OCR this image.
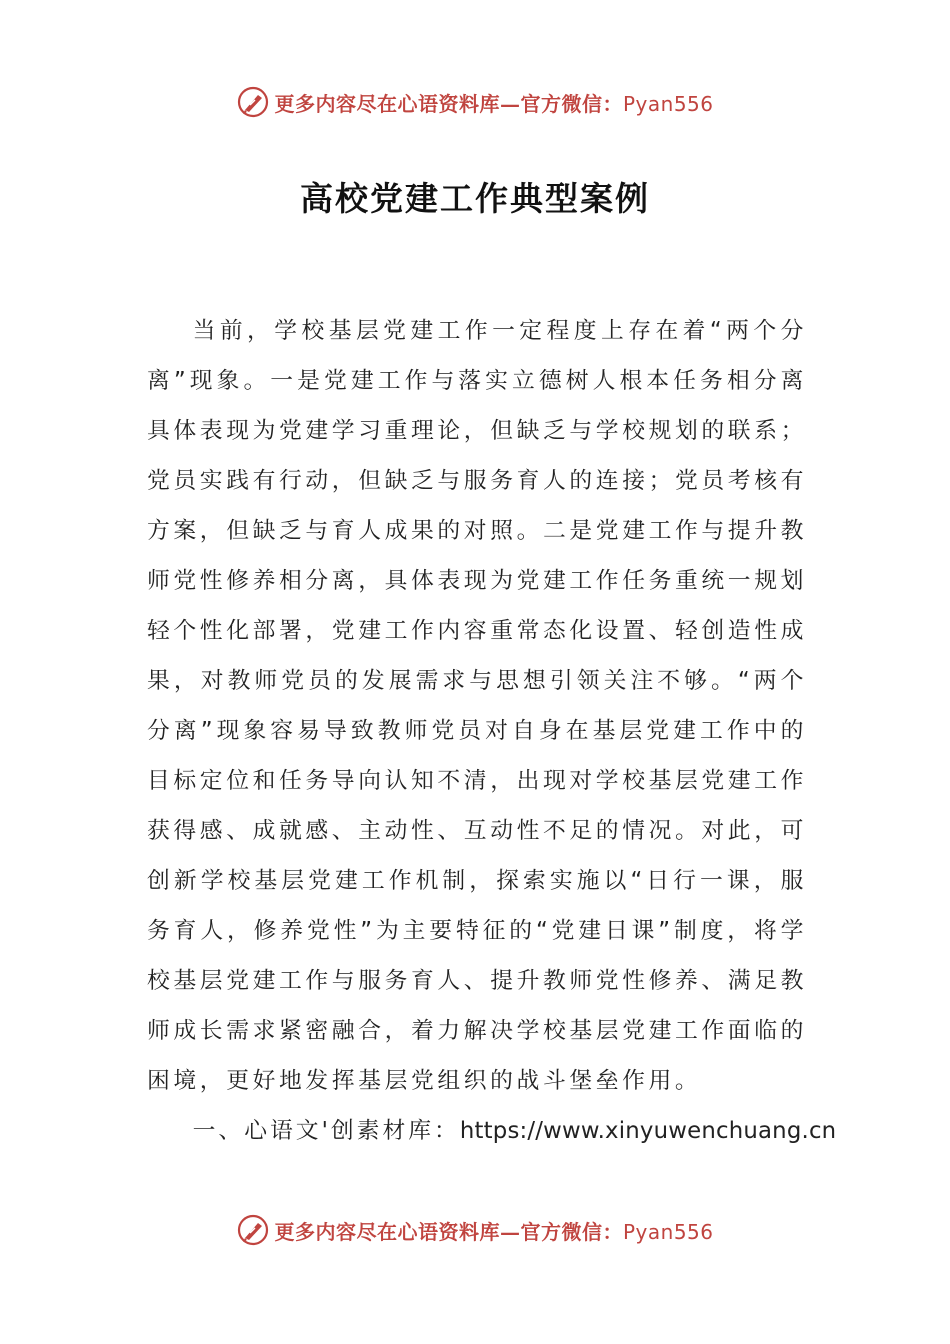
更多内容尽在心语资料库—官方微信：Pyan556
高校党建工作典型案例

当前，学校基层党建工作一定程度上存在着“两个分离”现象。一是党建工作与落实立德树人根本任务相分离具体表现为党建学习重理论，但缺乏与学校规划的联系；党员实践有行动，但缺乏与服务育人的连接；党员考核有方案，但缺乏与育人成果的对照。二是党建工作与提升教师党性修养相分离，具体表现为党建工作任务重统一规划轻个性化部署，党建工作内容重常态化设置、轻创造性成果，对教师党员的发展需求与思想引领关注不够。“两个分离”现象容易导致教师党员对自身在基层党建工作中的目标定位和任务导向认知不清，出现对学校基层党建工作获得感、成就感、主动性、互动性不足的情况。对此，可创新学校基层党建工作机制，探索实施以“日行一课，服务育人，修养党性”为主要特征的“党建日课”制度，将学校基层党建工作与服务育人、提升教师党性修养、满足教师成长需求紧密融合，着力解决学校基层党建工作面临的困境，更好地发挥基层党组织的战斗堡垒作用。

一、心语文'创素材库：https://www.xinyuwenchuang.cn

更多内容尽在心语资料库—官方微信：Pyan556
